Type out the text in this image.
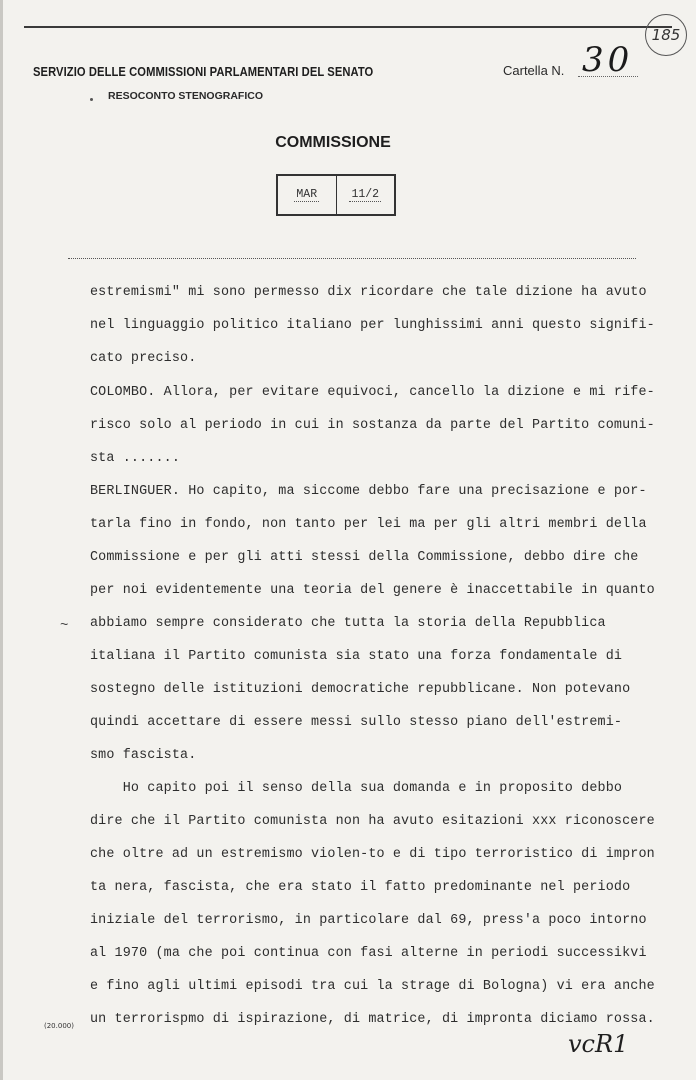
185
SERVIZIO DELLE COMMISSIONI PARLAMENTARI DEL SENATO
RESOCONTO STENOGRAFICO
Cartella N. 30
COMMISSIONE
MAR	11/2
estremismi" mi sono permesso dix ricordare che tale dizione ha avuto
nel linguaggio politico italiano per lunghissimi anni questo signifi-
cato preciso.
COLOMBO. Allora, per evitare equivoci, cancello la dizione e mi rife-
risco solo al periodo in cui in sostanza da parte del Partito comuni-
sta .......
BERLINGUER. Ho capito, ma siccome debbo fare una precisazione e por-
tarla fino in fondo, non tanto per lei ma per gli altri membri della
Commissione e per gli atti stessi della Commissione, debbo dire che
per noi evidentemente una teoria del genere è inaccettabile in quanto
abbiamo sempre considerato che tutta la storia della Repubblica
italiana il Partito comunista sia stato una forza fondamentale di
sostegno delle istituzioni democratiche repubblicane. Non potevano
quindi accettare di essere messi sullo stesso piano dell'estremi-
smo fascista.
Ho capito poi il senso della sua domanda e in proposito debbo
dire che il Partito comunista non ha avuto esitazioni xxx riconoscere
che oltre ad un estremismo violen-to e di tipo terroristico di impron
ta nera, fascista, che era stato il fatto predominante nel periodo
iniziale del terrorismo, in particolare dal 69, press'a poco intorno
al 1970 (ma che poi continua con fasi alterne in periodi successikvi
e fino agli ultimi episodi tra cui la strage di Bologna) vi era anche
un terrorispmo di ispirazione, di matrice, di impronta diciamo rossa.
~
(20.000)
vcR1
